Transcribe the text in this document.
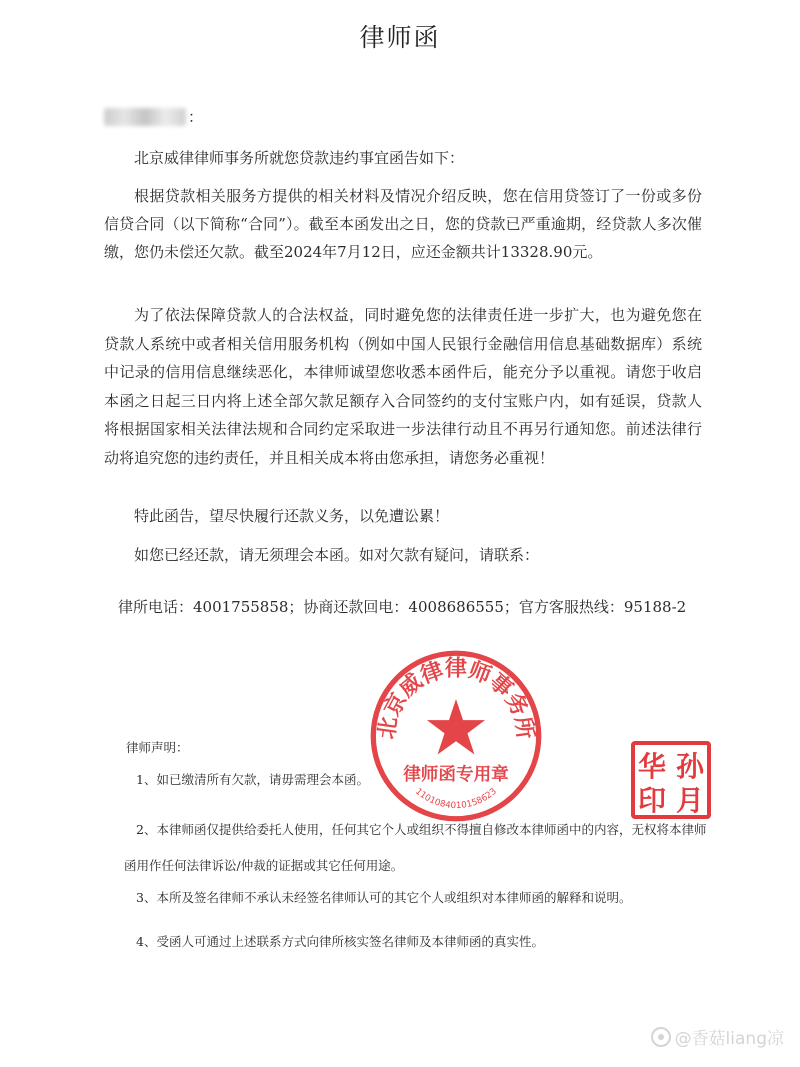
律师函
：
北京威律律师事务所就您贷款违约事宜函告如下：
根据贷款相关服务方提供的相关材料及情况介绍反映，您在信用贷签订了一份或多份信贷合同（以下简称“合同”）。截至本函发出之日，您的贷款已严重逾期，经贷款人多次催缴，您仍未偿还欠款。截至2024年7月12日，应还金额共计13328.90元。
为了依法保障贷款人的合法权益，同时避免您的法律责任进一步扩大，也为避免您在贷款人系统中或者相关信用服务机构（例如中国人民银行金融信用信息基础数据库）系统中记录的信用信息继续恶化，本律师诚望您收悉本函件后，能充分予以重视。请您于收启本函之日起三日内将上述全部欠款足额存入合同签约的支付宝账户内，如有延误，贷款人将根据国家相关法律法规和合同约定采取进一步法律行动且不再另行通知您。前述法律行动将追究您的违约责任，并且相关成本将由您承担，请您务必重视！
特此函告，望尽快履行还款义务，以免遭讼累！
如您已经还款，请无须理会本函。如对欠款有疑问，请联系：
律所电话：4001755858；协商还款回电：4008686555；官方客服热线：95188-2
律师声明：
1、如已缴清所有欠款，请毋需理会本函。
2、本律师函仅提供给委托人使用，任何其它个人或组织不得擅自修改本律师函中的内容，无权将本律师函用作任何法律诉讼/仲裁的证据或其它任何用途。
3、本所及签名律师不承认未经签名律师认可的其它个人或组织对本律师函的解释和说明。
4、受函人可通过上述联系方式向律所核实签名律师及本律师函的真实性。
北京威律律师事务所
律师函专用章
1101084010158623
华 孙
印 月
@香菇liang凉
